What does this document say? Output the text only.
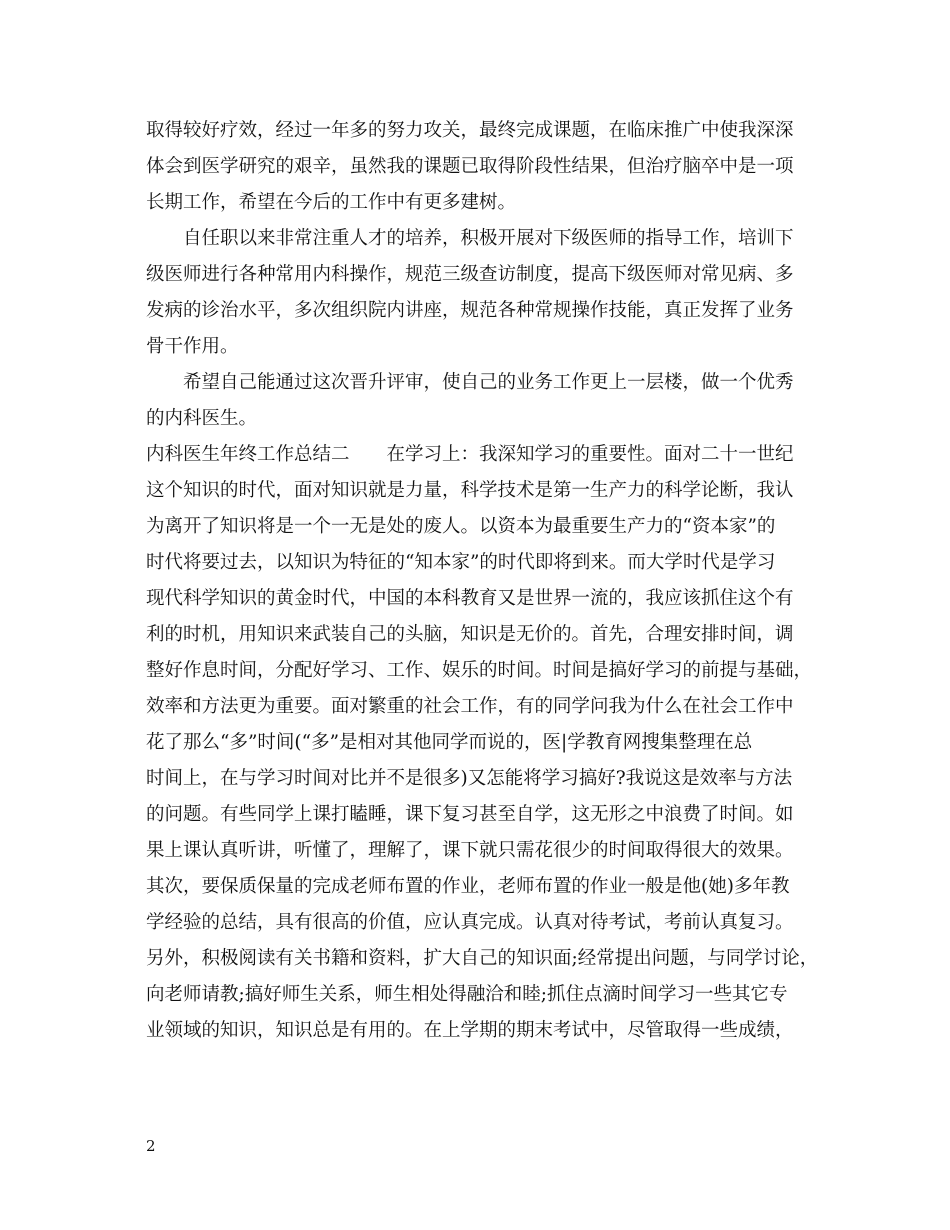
取得较好疗效，经过一年多的努力攻关，最终完成课题，在临床推广中使我深深
体会到医学研究的艰辛，虽然我的课题已取得阶段性结果，但治疗脑卒中是一项
长期工作，希望在今后的工作中有更多建树。
自任职以来非常注重人才的培养，积极开展对下级医师的指导工作，培训下
级医师进行各种常用内科操作，规范三级查访制度，提高下级医师对常见病、多
发病的诊治水平，多次组织院内讲座，规范各种常规操作技能，真正发挥了业务
骨干作用。
希望自己能通过这次晋升评审，使自己的业务工作更上一层楼，做一个优秀
的内科医生。
内科医生年终工作总结二　　在学习上：我深知学习的重要性。面对二十一世纪
这个知识的时代，面对知识就是力量，科学技术是第一生产力的科学论断，我认
为离开了知识将是一个一无是处的废人。以资本为最重要生产力的“资本家”的
时代将要过去，以知识为特征的“知本家”的时代即将到来。而大学时代是学习
现代科学知识的黄金时代，中国的本科教育又是世界一流的，我应该抓住这个有
利的时机，用知识来武装自己的头脑，知识是无价的。首先，合理安排时间，调
整好作息时间，分配好学习、工作、娱乐的时间。时间是搞好学习的前提与基础，
效率和方法更为重要。面对繁重的社会工作，有的同学问我为什么在社会工作中
花了那么“多”时间(“多”是相对其他同学而说的，医|学教育网搜集整理在总
时间上，在与学习时间对比并不是很多)又怎能将学习搞好?我说这是效率与方法
的问题。有些同学上课打瞌睡，课下复习甚至自学，这无形之中浪费了时间。如
果上课认真听讲，听懂了，理解了，课下就只需花很少的时间取得很大的效果。
其次，要保质保量的完成老师布置的作业，老师布置的作业一般是他(她)多年教
学经验的总结，具有很高的价值，应认真完成。认真对待考试，考前认真复习。
另外，积极阅读有关书籍和资料，扩大自己的知识面;经常提出问题，与同学讨论，
向老师请教;搞好师生关系，师生相处得融洽和睦;抓住点滴时间学习一些其它专
业领域的知识，知识总是有用的。在上学期的期末考试中，尽管取得一些成绩，
2
